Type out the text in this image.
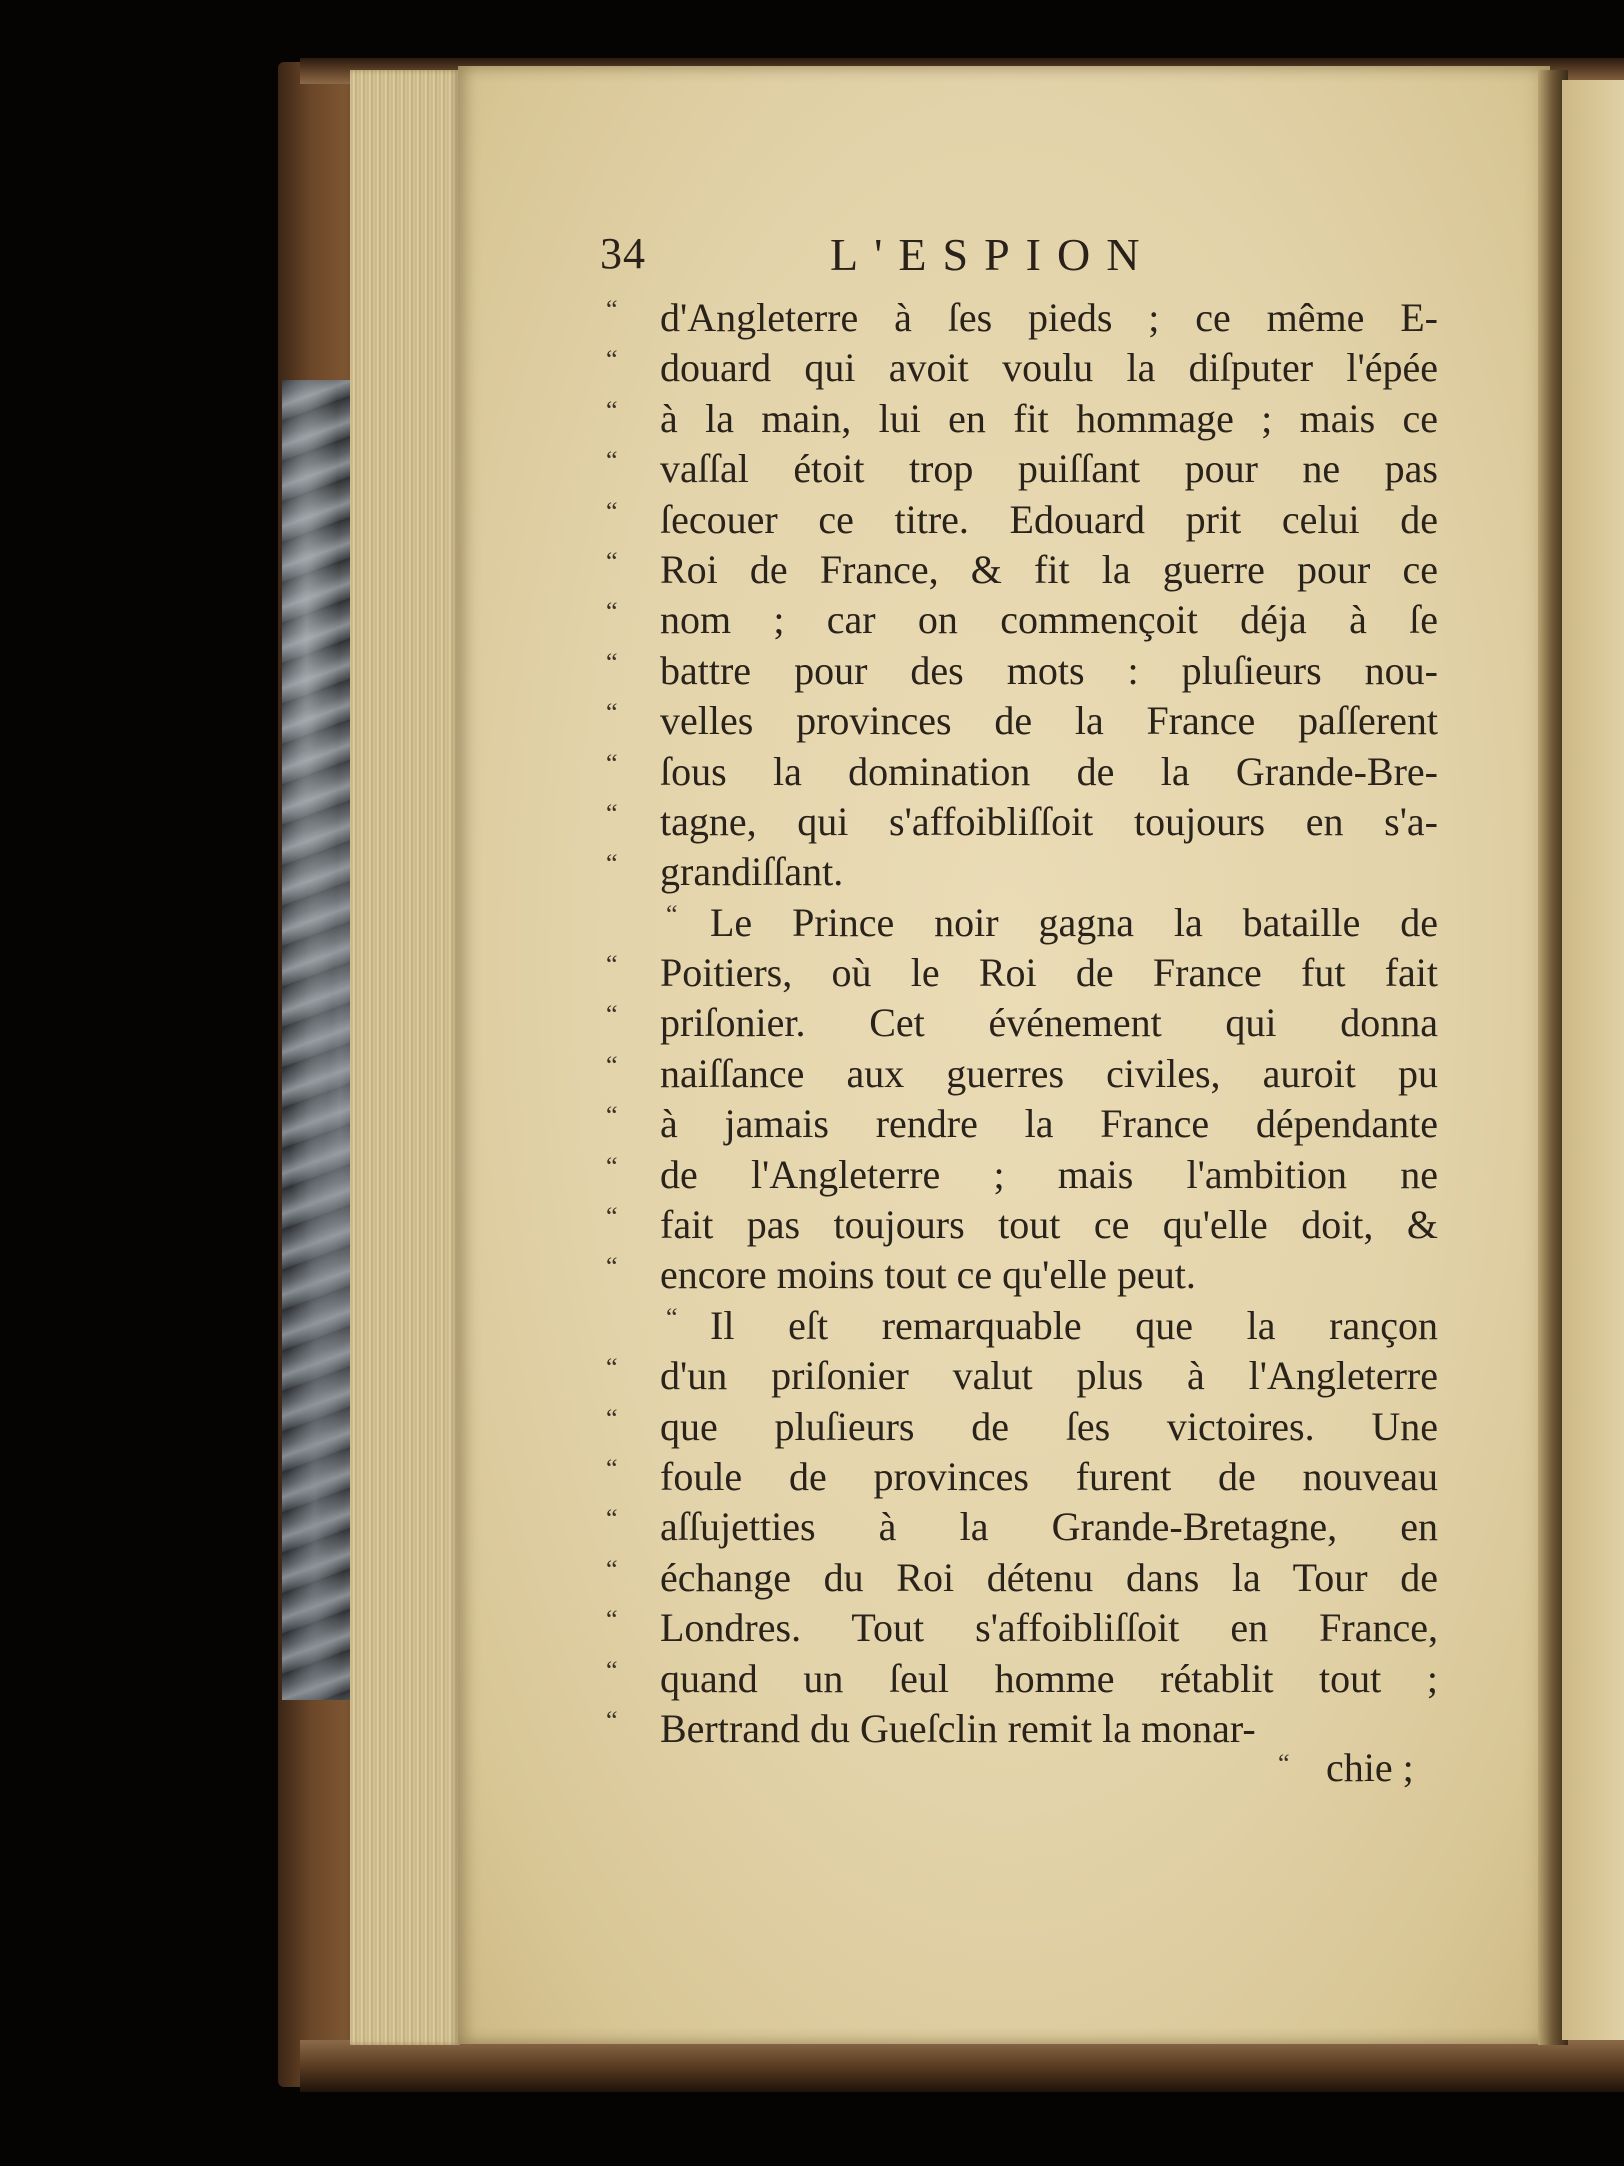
34	L'ESPION
“ d'Angleterre à ſes pieds ; ce même E-
“ douard qui avoit voulu la diſputer l'épée
“ à la main, lui en fit hommage ; mais ce
“ vaſſal étoit trop puiſſant pour ne pas
“ ſecouer ce titre. Edouard prit celui de
“ Roi de France, & fit la guerre pour ce
“ nom ; car on commençoit déja à ſe
“ battre pour des mots : pluſieurs nou-
“ velles provinces de la France paſſerent
“ ſous la domination de la Grande-Bre-
“ tagne, qui s'affoibliſſoit toujours en s'a-
“ grandiſſant.
“ Le Prince noir gagna la bataille de
“ Poitiers, où le Roi de France fut fait
“ priſonier. Cet événement qui donna
“ naiſſance aux guerres civiles, auroit pu
“ à jamais rendre la France dépendante
“ de l'Angleterre ; mais l'ambition ne
“ fait pas toujours tout ce qu'elle doit, &
“ encore moins tout ce qu'elle peut.
“ Il eſt remarquable que la rançon
“ d'un priſonier valut plus à l'Angleterre
“ que pluſieurs de ſes victoires. Une
“ foule de provinces furent de nouveau
“ aſſujetties à la Grande-Bretagne, en
“ échange du Roi détenu dans la Tour de
“ Londres. Tout s'affoibliſſoit en France,
“ quand un ſeul homme rétablit tout ;
“ Bertrand du Gueſclin remit la monar-
“ chie ;
